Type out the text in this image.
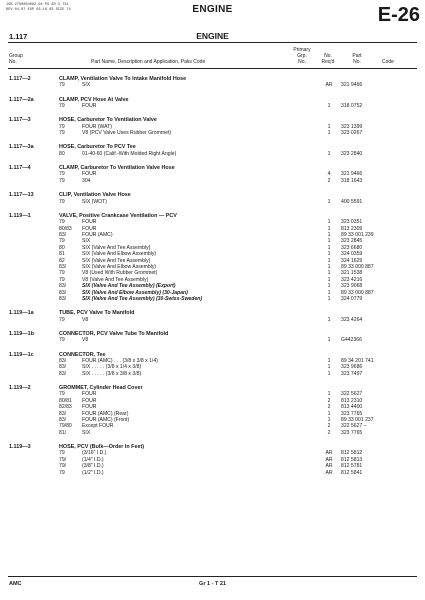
JOB 2700004092-04 PG GR 3 T21
REV 04-07 EXP 03-18 03 SIZE 74	ENGINE	E-26
1.117	ENGINE
Group
No.	Part Name, Description and Application, Paks Code
Primary
Grp.
No.
No.
Req'd
Part
No.	Code
1.117—2	CLAMP, Ventilation Valve To Intake Manifold Hose
79	SIX	AR 321 9466
1.117—2a	CLAMP, PCV Hose At Valve
79	FOUR	1	318 0752
1.117—3	HOSE, Carburetor To Ventilation Valve
79	FOUR (WAT)	1	323 1399
79	V8 (PCV Valve Uses Rubber Grommet)	1	323 0267
1.117—3a	HOSE, Carburetor To PCV Tee
80	01-40-60 (Calif.-With Molded Right Angle)	1	323 2840
1.117—4	CLAMP, Carburetor To Ventilation Valve Hose
79	FOUR	4	321 9466
79	304	2	318 1643
1.117—13	CLIP, Ventilation Valve Hose
79	SIX (WOT)	1	400 5591
1.119—1	VALVE, Positive Crankcase Ventilation — PCV
79	FOUR	1	323 0351
80/83 FOUR	1	813 2309
83/	FOUR (AMC)	1	89 33 001 239
79	SIX	1	323 2845
80	SIX (Valve And Tee Assembly)	1	323 6680
81	SIX (Valve And Elbow Assembly)	1	324 0359
82	SIX (Valve And Tee Assembly)	1	324 1629
83/	SIX (Valve And Elbow Assembly)	1	89 33 000 887
79	V8 (Used With Rubber Grommet)	1	321 1538
79	V8 (Valve And Tee Assembly)	1	323 4216
83/	SIX (Valve And Tee Assembly) (Export)	1	323 9068
83/	SIX (Valve And Elbow Assembly) (30-Japan)	1	89 33 000 887
83/	SIX (Valve And Tee Assembly) (30-Swiss-Sweden)	1	324 0779
1.119—1a	TUBE, PCV Valve To Manifold
79	V8	1	323 4264
1.119—1b	CONNECTOR, PCV Valve Tube To Manifold
79	V8	1	G442366
1.119—1c	CONNECTOR, Tee
83/	FOUR (AMC) . . . (3/8 x 3/8 x 1/4)	1	89 34 201 741
83/	SIX . . . . . (3/8 x 1/4 x 3/8)	1	323 9686
83/	SIX . . . . . (3/8 x 3/8 x 3/8)	1	323 7497
1.119—2	GROMMET, Cylinder Head Cover
79	FOUR	1	322 5627
80/81 FOUR	2	813 2310
82/83 FOUR	2	813 4400
83/	FOUR (AMC) (Rear)	1	323 7765
83/	FOUR (AMC) (Front)	1	89 33 001 237
79/80 Except FOUR	2	322 5627 –
81/	SIX	2	323 7765
1.119—3	HOSE, PCV (Bulk—Order In Feet)
79	(3/16" I.D.)	AR 812 5812
79/	(1/4" I.D.)	AR 812 5813
79/	(3/8" I.D.)	AR 812 5781
79	(1/2" I.D.)	AR 812 5841
AMC	Gr 1 - T 21
